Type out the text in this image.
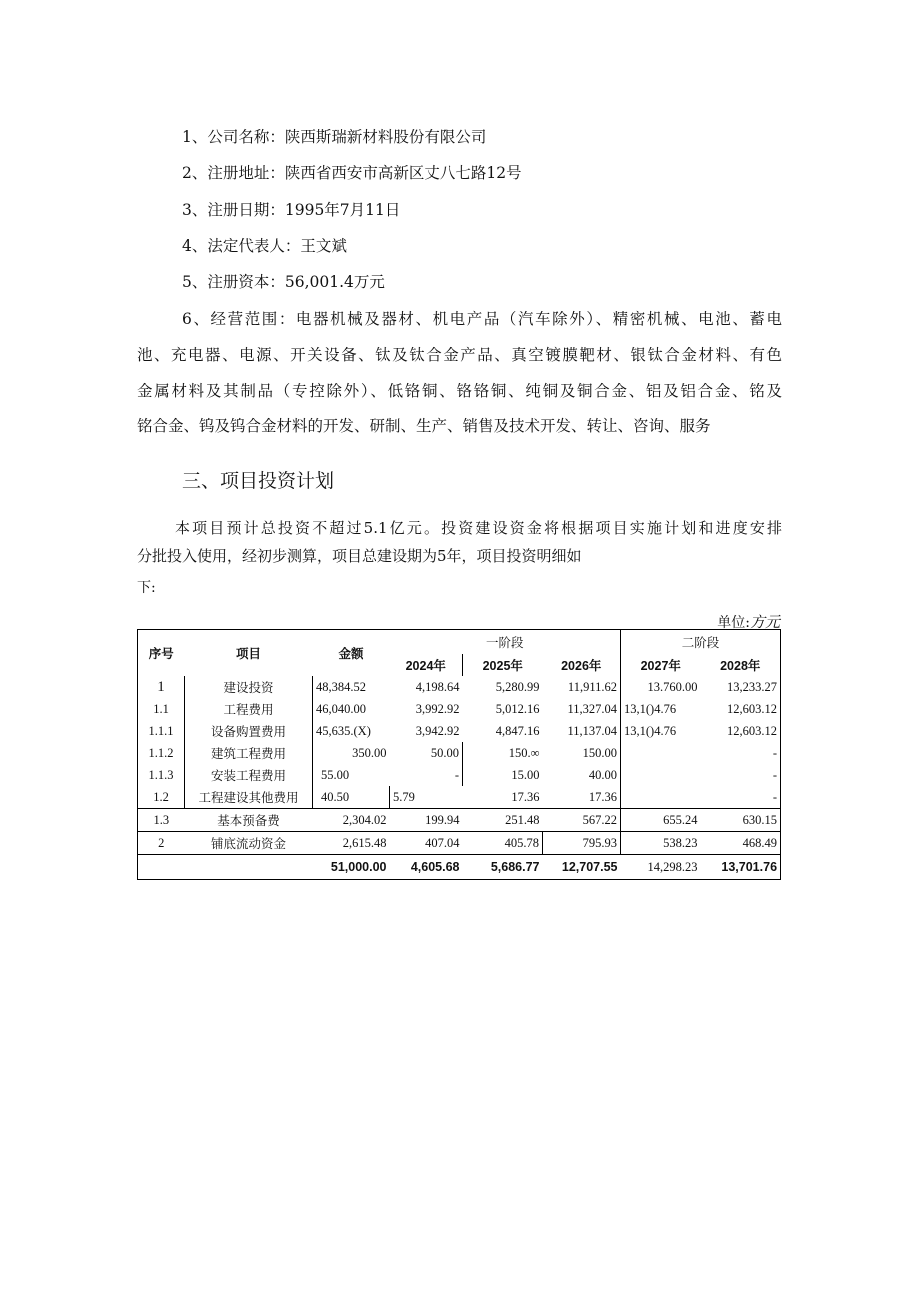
1、公司名称：陕西斯瑞新材料股份有限公司
2、注册地址：陕西省西安市高新区丈八七路12号
3、注册日期：1995年7月11日
4、法定代表人：王文斌
5、注册资本：56,001.4万元
6、经营范围：电器机械及器材、机电产品（汽车除外）、精密机械、电池、蓄电
池、充电器、电源、开关设备、钛及钛合金产品、真空镀膜靶材、银钛合金材料、有色
金属材料及其制品（专控除外）、低铬铜、铬铬铜、纯铜及铜合金、铝及铝合金、铭及
铭合金、钨及钨合金材料的开发、研制、生产、销售及技术开发、转让、咨询、服务
三、项目投资计划
本项目预计总投资不超过5.1亿元。投资建设资金将根据项目实施计划和进度安排
分批投入使用，经初步测算，项目总建设期为5年，项目投资明细如
下:
单位:方元
序号	项目	金额	一阶段			二阶段	
			2024年	2025年	2026年	2027年	2028年
1	建设投资	48,384.52	4,198.64	5,280.99	11,911.62	13.760.00	13,233.27
1.1	工程费用	46,040.00	3,992.92	5,012.16	11,327.04	13,1()4.76	12,603.12
1.1.1	设备购置费用	45,635.(X)	3,942.92	4,847.16	11,137.04	13,1()4.76	12,603.12
1.1.2	建筑工程费用	350.00	50.00	150.∞	150.00		-
1.1.3	安装工程费用	55.00	-	15.00	40.00		-
1.2	工程建设其他费用	40.50	5.79	17.36	17.36		-
1.3	基本预备费	2,304.02	199.94	251.48	567.22	655.24	630.15
2	铺底流动资金	2,615.48	407.04	405.78	795.93	538.23	468.49
		51,000.00	4,605.68	5,686.77	12,707.55	14,298.23	13,701.76
